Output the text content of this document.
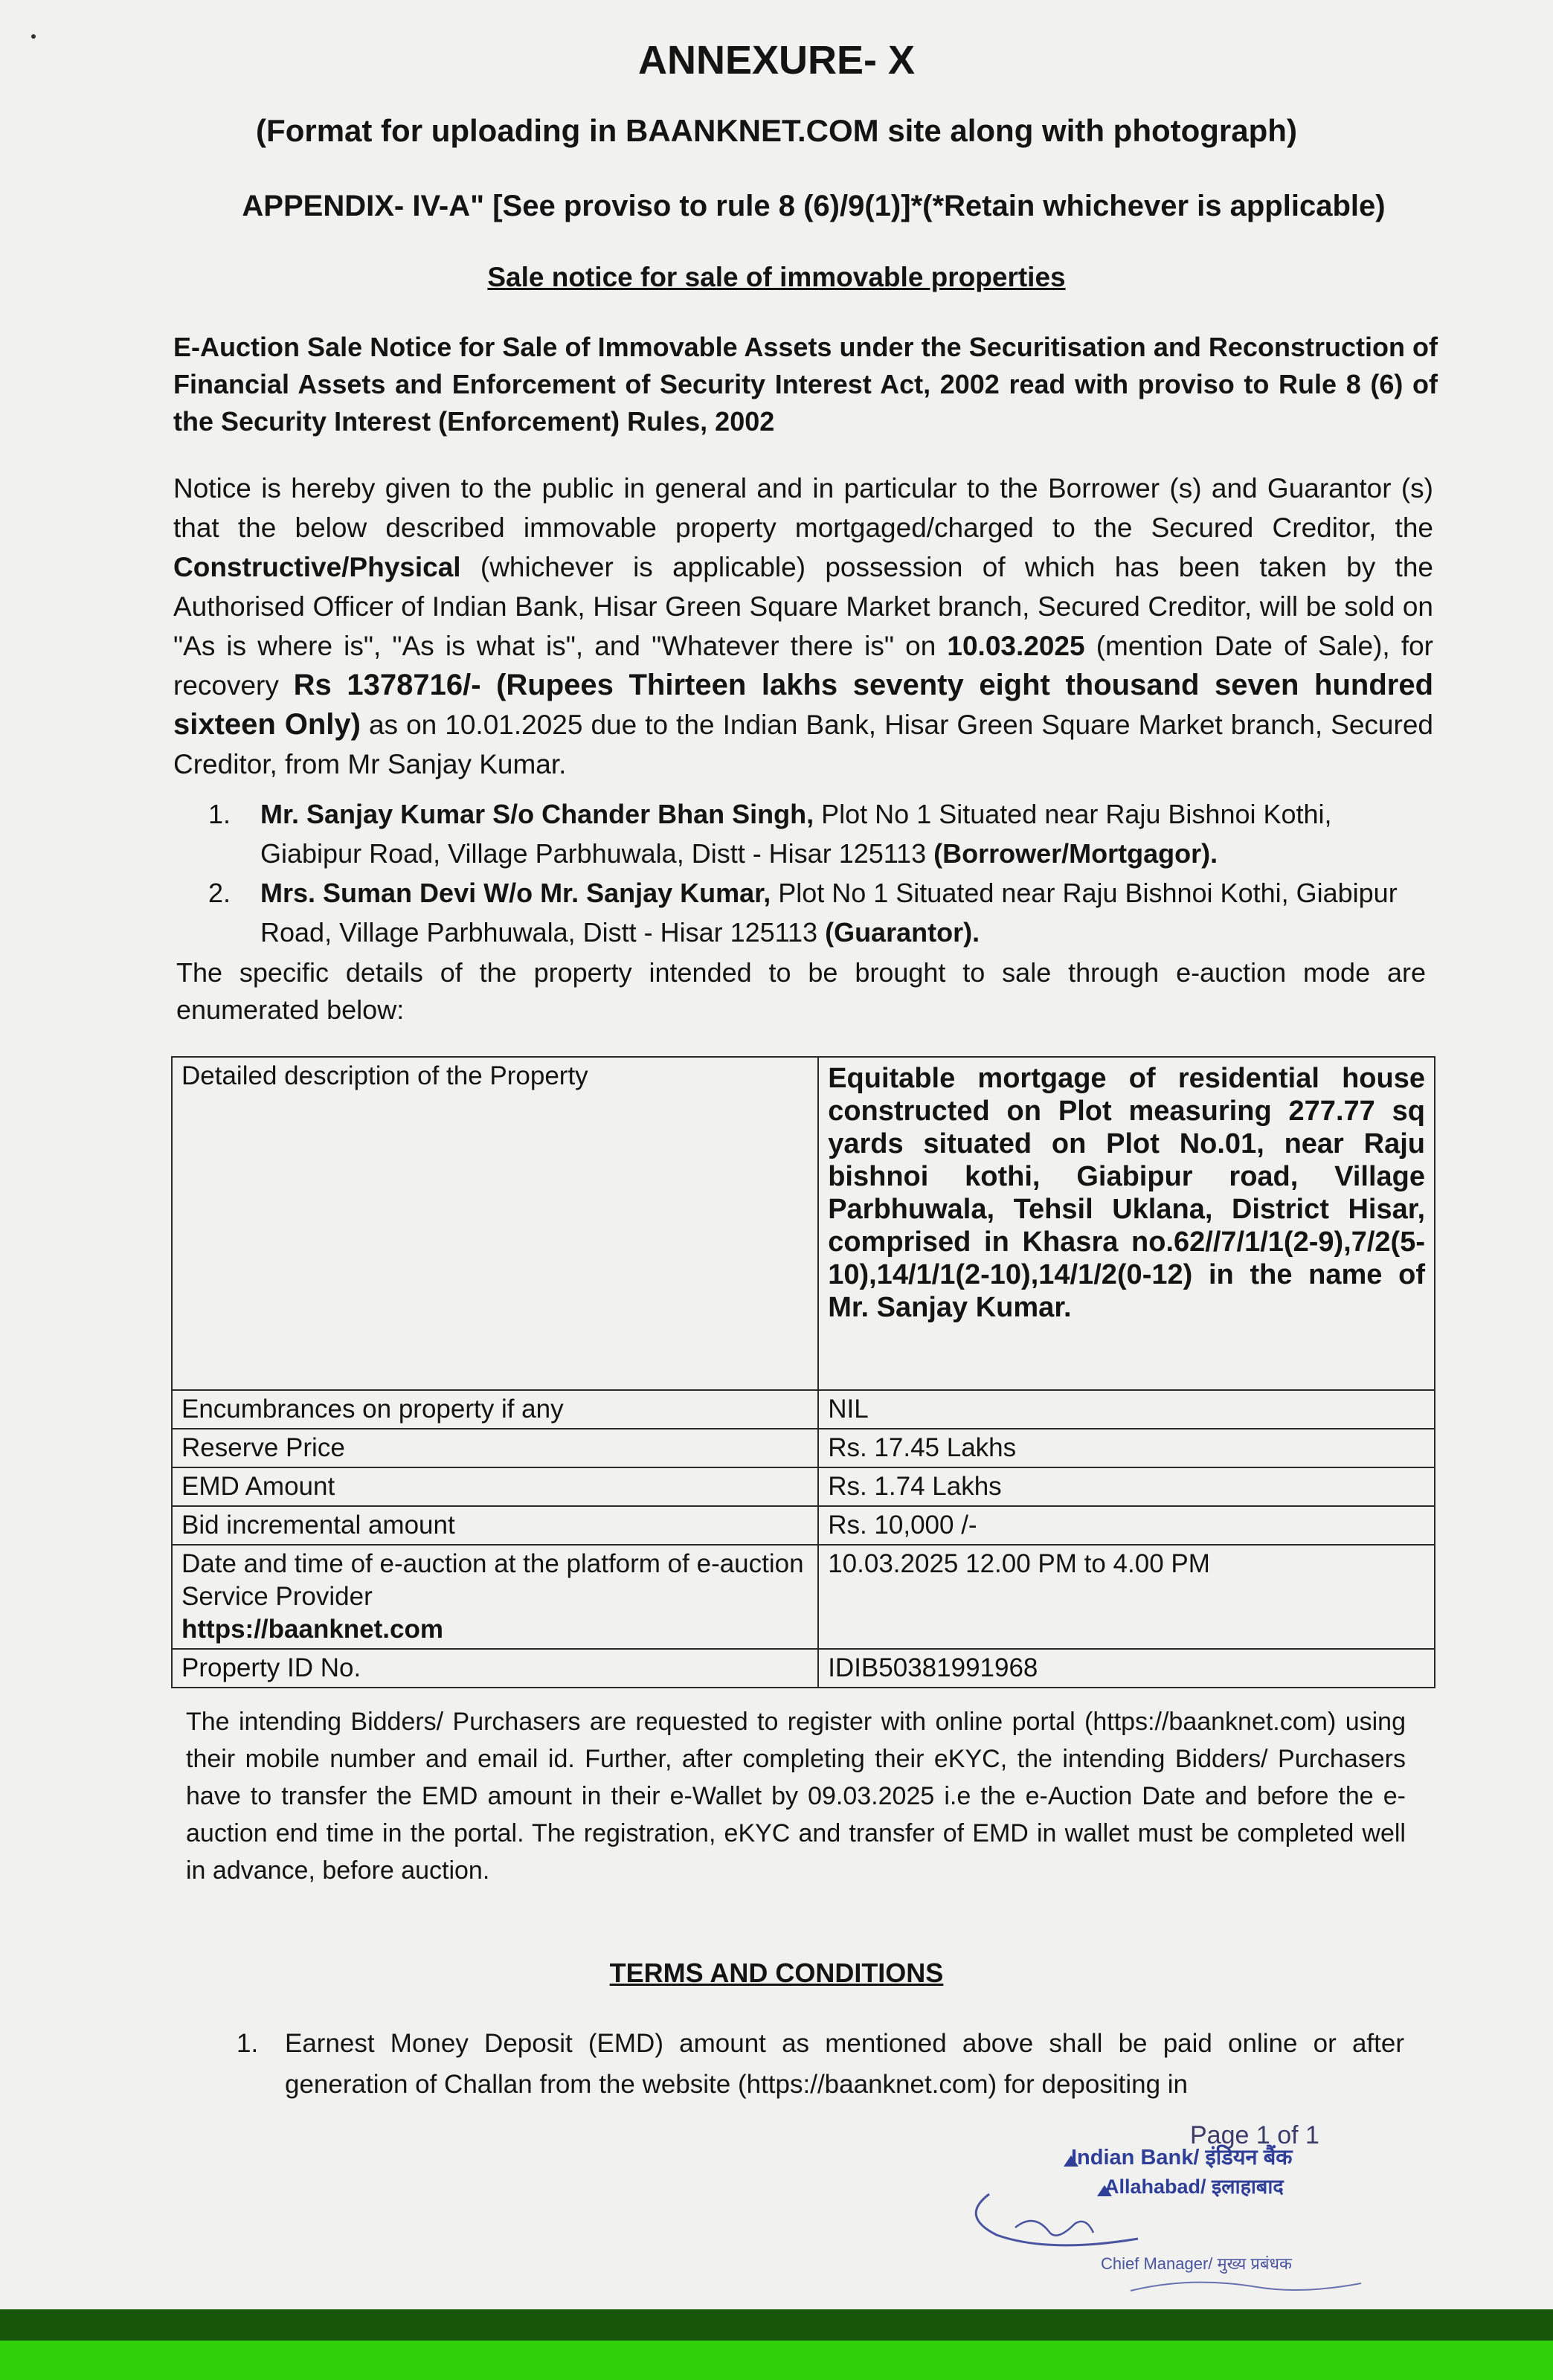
ANNEXURE- X
(Format for uploading in BAANKNET.COM site along with photograph)
APPENDIX- IV-A" [See proviso to rule 8 (6)/9(1)]*(*Retain whichever is applicable)
Sale notice for sale of immovable properties
E-Auction Sale Notice for Sale of Immovable Assets under the Securitisation and Reconstruction of Financial Assets and Enforcement of Security Interest Act, 2002 read with proviso to Rule 8 (6) of the Security Interest (Enforcement) Rules, 2002
Notice is hereby given to the public in general and in particular to the Borrower (s) and Guarantor (s) that the below described immovable property mortgaged/charged to the Secured Creditor, the Constructive/Physical (whichever is applicable) possession of which has been taken by the Authorised Officer of Indian Bank, Hisar Green Square Market branch, Secured Creditor, will be sold on "As is where is", "As is what is", and "Whatever there is" on 10.03.2025 (mention Date of Sale), for recovery Rs 1378716/- (Rupees Thirteen lakhs seventy eight thousand seven hundred sixteen Only) as on 10.01.2025 due to the Indian Bank, Hisar Green Square Market branch, Secured Creditor, from Mr Sanjay Kumar.
1. Mr. Sanjay Kumar S/o Chander Bhan Singh, Plot No 1 Situated near Raju Bishnoi Kothi, Giabipur Road, Village Parbhuwala, Distt - Hisar 125113 (Borrower/Mortgagor).
2. Mrs. Suman Devi W/o Mr. Sanjay Kumar, Plot No 1 Situated near Raju Bishnoi Kothi, Giabipur Road, Village Parbhuwala, Distt - Hisar 125113 (Guarantor).
The specific details of the property intended to be brought to sale through e-auction mode are enumerated below:
Detailed description of the Property	Equitable mortgage of residential house constructed on Plot measuring 277.77 sq yards situated on Plot No.01, near Raju bishnoi kothi, Giabipur road, Village Parbhuwala, Tehsil Uklana, District Hisar, comprised in Khasra no.62//7/1/1(2-9),7/2(5-10),14/1/1(2-10),14/1/2(0-12) in the name of Mr. Sanjay Kumar.
Encumbrances on property if any	NIL
Reserve Price	Rs. 17.45 Lakhs
EMD Amount	Rs. 1.74 Lakhs
Bid incremental amount	Rs. 10,000 /-
Date and time of e-auction at the platform of e-auction Service Provider
https://baanknet.com	10.03.2025 12.00 PM to 4.00 PM
Property ID No.	IDIB50381991968
The intending Bidders/ Purchasers are requested to register with online portal (https://baanknet.com) using their mobile number and email id. Further, after completing their eKYC, the intending Bidders/ Purchasers have to transfer the EMD amount in their e-Wallet by 09.03.2025 i.e the e-Auction Date and before the e-auction end time in the portal. The registration, eKYC and transfer of EMD in wallet must be completed well in advance, before auction.
TERMS AND CONDITIONS
1. Earnest Money Deposit (EMD) amount as mentioned above shall be paid online or after generation of Challan from the website (https://baanknet.com) for depositing in
Page 1 of 1
Indian Bank/ इंडियन बैंक
Allahabad/ इलाहाबाद
Chief Manager/ मुख्य प्रबंधक
